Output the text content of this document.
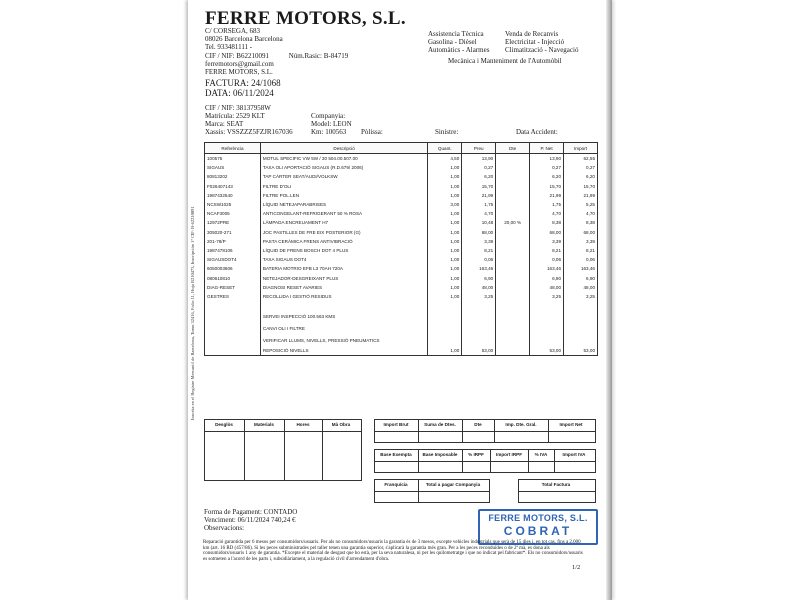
FERRE MOTORS, S.L.
C/ CORSEGA, 683
08026 Barcelona Barcelona
Tel. 933481111 -
CIF / NIF: B62210091	Núm.Rasic: B-84719
ferremotors@gmail.com
FERRE MOTORS, S.L.
Assistencia Tècnica
Gasolina - Dièsel
Automàtics - Alarmes
Venda de Recanvis
Electricitat - Injecció
Climatització - Navegació
Mecànica i Manteniment de l'Automòbil
FACTURA: 24/1068
DATA: 06/11/2024
CIF / NIF: 38137958W
Matrícula: 2529 KLT	Companyia:
Marca: SEAT	Model: LEON
Xassis: VSSZZZ5FZJR167036	Km: 100563 Pòlissa:	Sinistre:	Data Accident:
Inscrita en el Registre Mercantil de Barcelona, Tomo 32416, Folio 11, Hoja B210473, Inscripción 1ª CIF: B-62210091
Referència	Descripció	Quant.	Preu	Dte	P. Net	Import
100575	MOTUL SPECIFIC VW 5W / 30 504.00.507.00	4,50	13,90		13,90	62,55
SIGAUS	TAXA OLI APORTACIÓ SIGAUS (R.D.679/ 2006)	1,00	0,27		0,27	0,27
80813202	TAP CÀRTER SEAT/AUDI/VOLKSW	1,00	6,20		6,20	6,20
F026407143	FILTRE D'OLI	1,00	15,70		15,70	15,70
1987432540	FILTRE POL.LEN	1,00	21,99		21,99	21,99
NCSW1025	LÍQUID NETEJAPARABRISES	3,00	1,75		1,75	5,25
NCAF3005	ANTICONGELANT-REFRIGERANT 50 % ROSA	1,00	4,70		4,70	4,70
12972PRE	LÀMPADA ENCREUAMENT H7	1,00	10,48	20,00 %	8,38	8,38
305020-271	JOC PASTILLES DE FRE EIX POSTERIOR (G)	1,00	68,00		68,00	68,00
201-78/P	PASTA CERÀMICA FRENS ANTIVIBRACIÓ	1,00	3,39		3,39	3,39
1987478106	LÍQUID DE FRENS BOSCH DOT 4 PLUS	1,00	8,21		8,21	8,21
SIGAUSDOT4	TAXA SIGAUS DOT4	1,00	0,06		0,06	0,06
6050003606	BATERIA MOTRIO EFB L3 70AH 720A	1,00	163,46		163,46	163,46
080610810	NETEJADOR-DESGREIXANT PLUS	1,00	6,90		6,90	6,90
DIAG-RESET	DIAGNOSI RESET AVARIES	1,00	48,00		48,00	48,00
GESTRES	RECOLLIDA I GESTIÓ RESIDUS	1,00	3,25		3,25	3,25

	SERVEI INSPECCIÓ 100.563 KMS					
	CANVI OLI I FILTRE					
	VERIFICAR LLUMS, NIVELLS, PRESSIÓ PNEUMATICS					
	REPOSICIÓ NIVELLS	1,00	53,00		53,00	53,00
Desglòs	Materials	Hores	Mà Obra	Import Brut	Suma de Dtes.	Dte	Imp. Dte. Gral.	Import Net
Base Exempta	Base Imposable	% IRPF	Import IRPF	% IVA	Import IVA
Franquícia	Total a pagar Companyia	Total Factura
Forma de Pagament: CONTADO
Venciment: 06/11/2024 740,24 €
Observacions:
FERRE MOTORS, S.L.
COBRAT
Reparació garantida per 6 mesos per consumidors/usuaris. Per als no consumidors/usuaris la garantia és de 3 mesos, excepte vehicles industrials que serà de 15 dies i, en tot cas, fins a 2.000 km (art. 16 RD (457/86). Si les peces subministrades pel taller tenen una garantia superior, s'aplicarà la garantia més gran. Per a les peces reconduïdes o de 2ª mà, es dona als consumidors/usuaris 1 any de garantia. *Excepte el material de desgast que ho està, per la seva naturalesa, ni per les quilometratge i que no indicat pel fabricant*. Els no consumidors/usuaris es sotmeten a l'acord de les parts i, subsidiàriament, a la regulació civil d'arrendament d'obra.
1/2
